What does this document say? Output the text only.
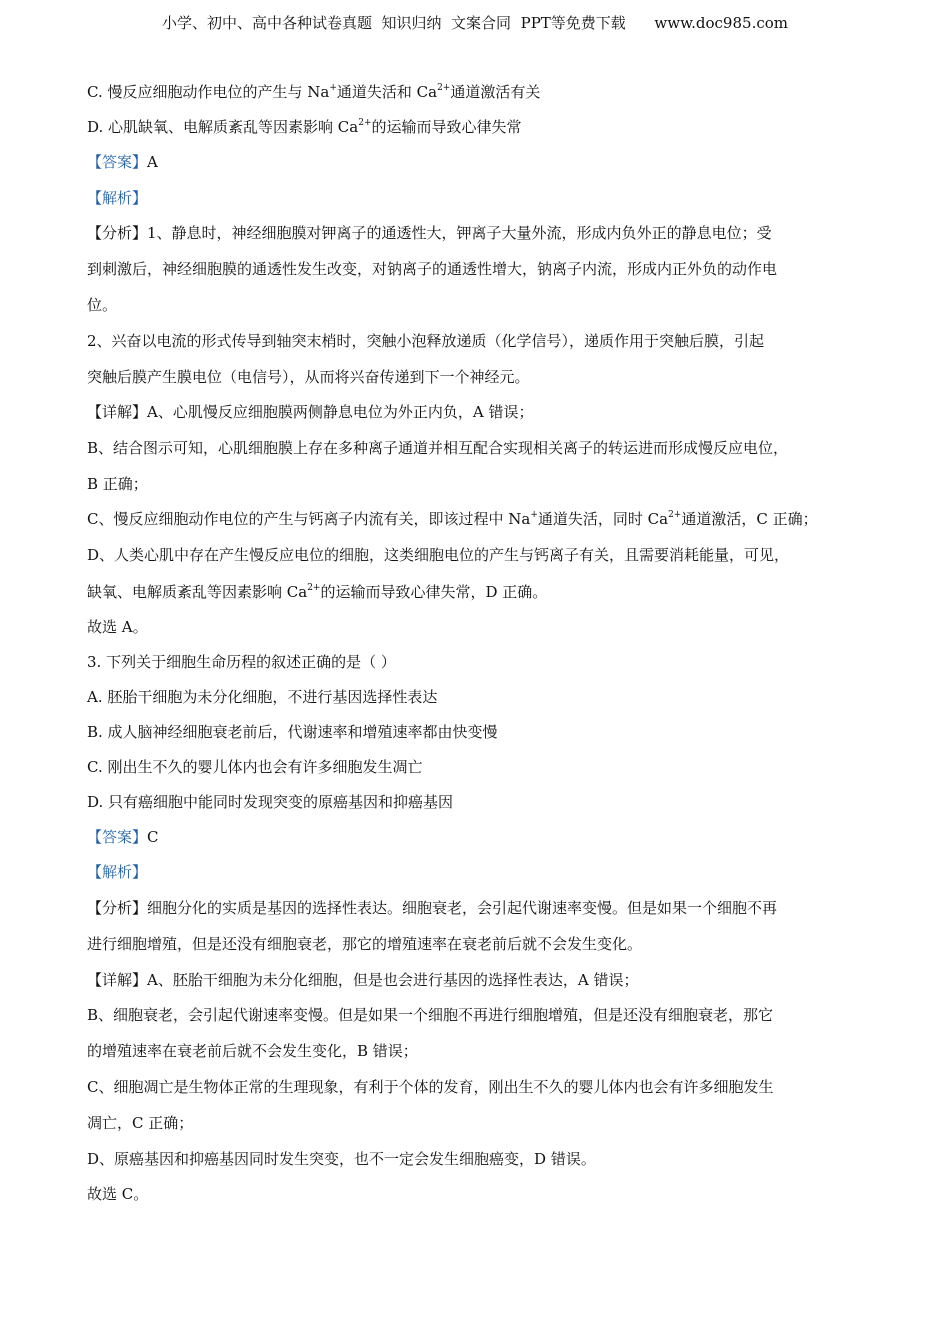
小学、初中、高中各种试卷真题  知识归纳  文案合同  PPT等免费下载      www.doc985.com
C. 慢反应细胞动作电位的产生与 Na+通道失活和 $Ca^{2+}$通道激活有关
D. 心肌缺氧、电解质紊乱等因素影响 $Ca^{2+}$的运输而导致心律失常
【答案】A
【解析】
【分析】1、静息时，神经细胞膜对钾离子的通透性大，钾离子大量外流，形成内负外正的静息电位；受
到刺激后，神经细胞膜的通透性发生改变，对钠离子的通透性增大，钠离子内流，形成内正外负的动作电
位。
2、兴奋以电流的形式传导到轴突末梢时，突触小泡释放递质（化学信号），递质作用于突触后膜，引起
突触后膜产生膜电位（电信号），从而将兴奋传递到下一个神经元。
【详解】A、心肌慢反应细胞膜两侧静息电位为外正内负，A 错误；
B、结合图示可知，心肌细胞膜上存在多种离子通道并相互配合实现相关离子的转运进而形成慢反应电位，
B 正确；
C、慢反应细胞动作电位的产生与钙离子内流有关，即该过程中 Na+通道失活，同时 $Ca^{2+}$通道激活，C 正确；
D、人类心肌中存在产生慢反应电位的细胞，这类细胞电位的产生与钙离子有关，且需要消耗能量，可见，
缺氧、电解质紊乱等因素影响 $Ca^{2+}$的运输而导致心律失常，D 正确。
故选 A。
3. 下列关于细胞生命历程的叙述正确的是（ ）
A. 胚胎干细胞为未分化细胞，不进行基因选择性表达
B. 成人脑神经细胞衰老前后，代谢速率和增殖速率都由快变慢
C. 刚出生不久的婴儿体内也会有许多细胞发生凋亡
D. 只有癌细胞中能同时发现突变的原癌基因和抑癌基因
【答案】C
【解析】
【分析】细胞分化的实质是基因的选择性表达。细胞衰老，会引起代谢速率变慢。但是如果一个细胞不再
进行细胞增殖，但是还没有细胞衰老，那它的增殖速率在衰老前后就不会发生变化。
【详解】A、胚胎干细胞为未分化细胞，但是也会进行基因的选择性表达，A 错误；
B、细胞衰老，会引起代谢速率变慢。但是如果一个细胞不再进行细胞增殖，但是还没有细胞衰老，那它
的增殖速率在衰老前后就不会发生变化，B 错误；
C、细胞凋亡是生物体正常的生理现象，有利于个体的发育，刚出生不久的婴儿体内也会有许多细胞发生
凋亡，C 正确；
D、原癌基因和抑癌基因同时发生突变，也不一定会发生细胞癌变，D 错误。
故选 C。
